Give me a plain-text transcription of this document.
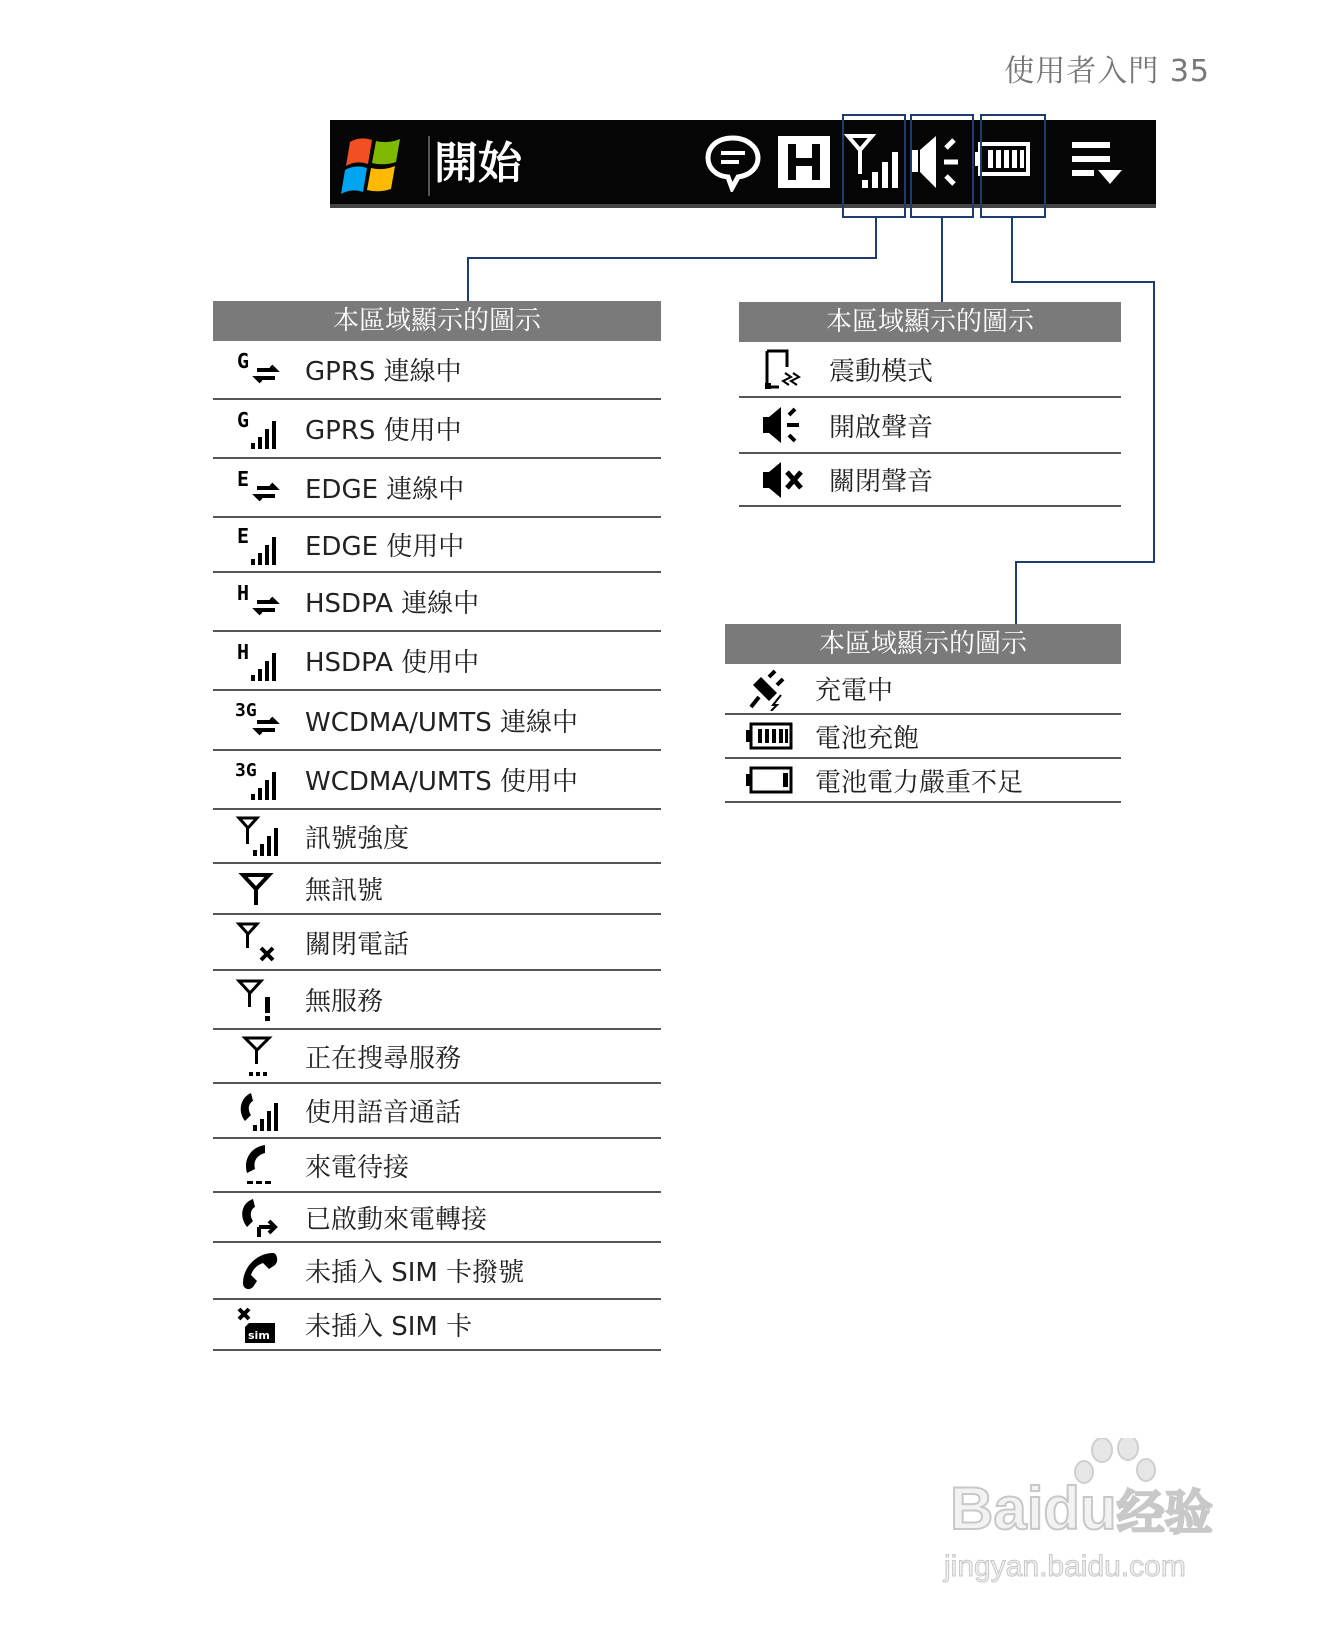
使用者入門 35
開始
本區域顯示的圖示
G GPRS 連線中
G GPRS 使用中
E EDGE 連線中
E EDGE 使用中
H HSDPA 連線中
H HSDPA 使用中
3G WCDMA/UMTS 連線中
3G WCDMA/UMTS 使用中
訊號強度
無訊號
關閉電話
無服務
正在搜尋服務
使用語音通話
來電待接
已啟動來電轉接
未插入 SIM 卡撥號
sim 未插入 SIM 卡
本區域顯示的圖示
震動模式
開啟聲音
關閉聲音
本區域顯示的圖示
充電中
電池充飽
電池電力嚴重不足
Baidu经验
jingyan.baidu.com
